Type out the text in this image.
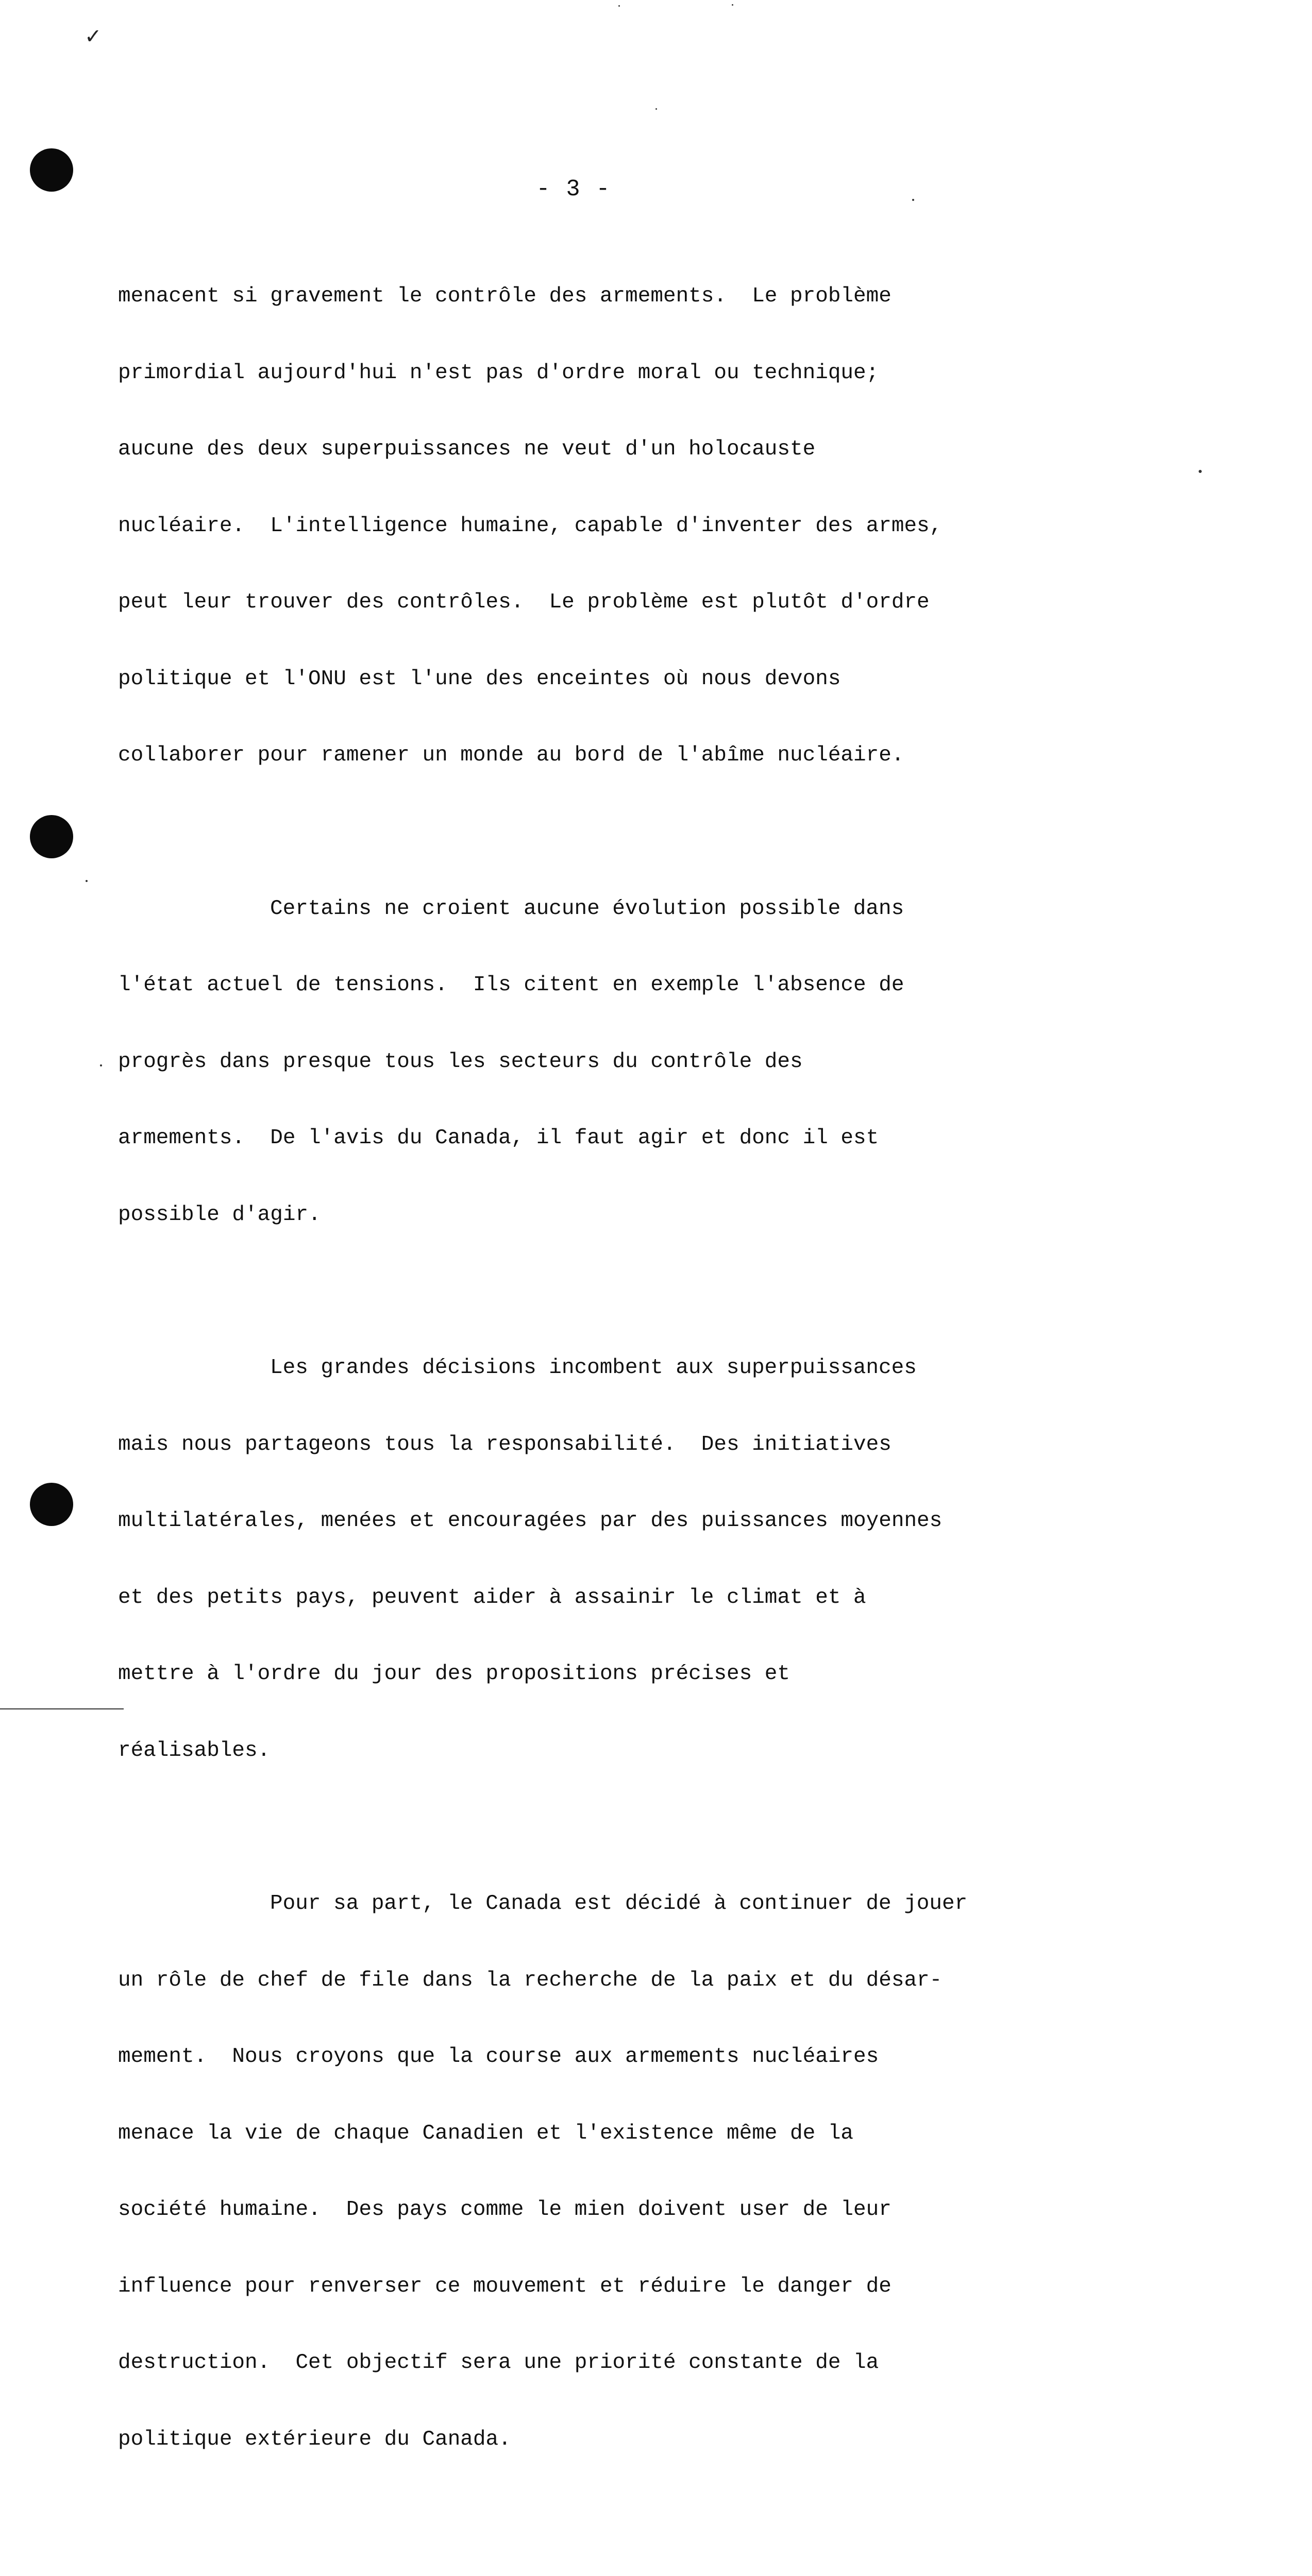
✓
- 3 -

menacent si gravement le contrôle des armements.  Le problème

primordial aujourd'hui n'est pas d'ordre moral ou technique;

aucune des deux superpuissances ne veut d'un holocauste

nucléaire.  L'intelligence humaine, capable d'inventer des armes,

peut leur trouver des contrôles.  Le problème est plutôt d'ordre

politique et l'ONU est l'une des enceintes où nous devons

collaborer pour ramener un monde au bord de l'abîme nucléaire.

Certains ne croient aucune évolution possible dans

l'état actuel de tensions.  Ils citent en exemple l'absence de

progrès dans presque tous les secteurs du contrôle des

armements.  De l'avis du Canada, il faut agir et donc il est

possible d'agir.

Les grandes décisions incombent aux superpuissances

mais nous partageons tous la responsabilité.  Des initiatives

multilatérales, menées et encouragées par des puissances moyennes

et des petits pays, peuvent aider à assainir le climat et à

mettre à l'ordre du jour des propositions précises et

réalisables.

Pour sa part, le Canada est décidé à continuer de jouer

un rôle de chef de file dans la recherche de la paix et du désar-

mement.  Nous croyons que la course aux armements nucléaires

menace la vie de chaque Canadien et l'existence même de la

société humaine.  Des pays comme le mien doivent user de leur

influence pour renverser ce mouvement et réduire le danger de

destruction.  Cet objectif sera une priorité constante de la

politique extérieure du Canada.
